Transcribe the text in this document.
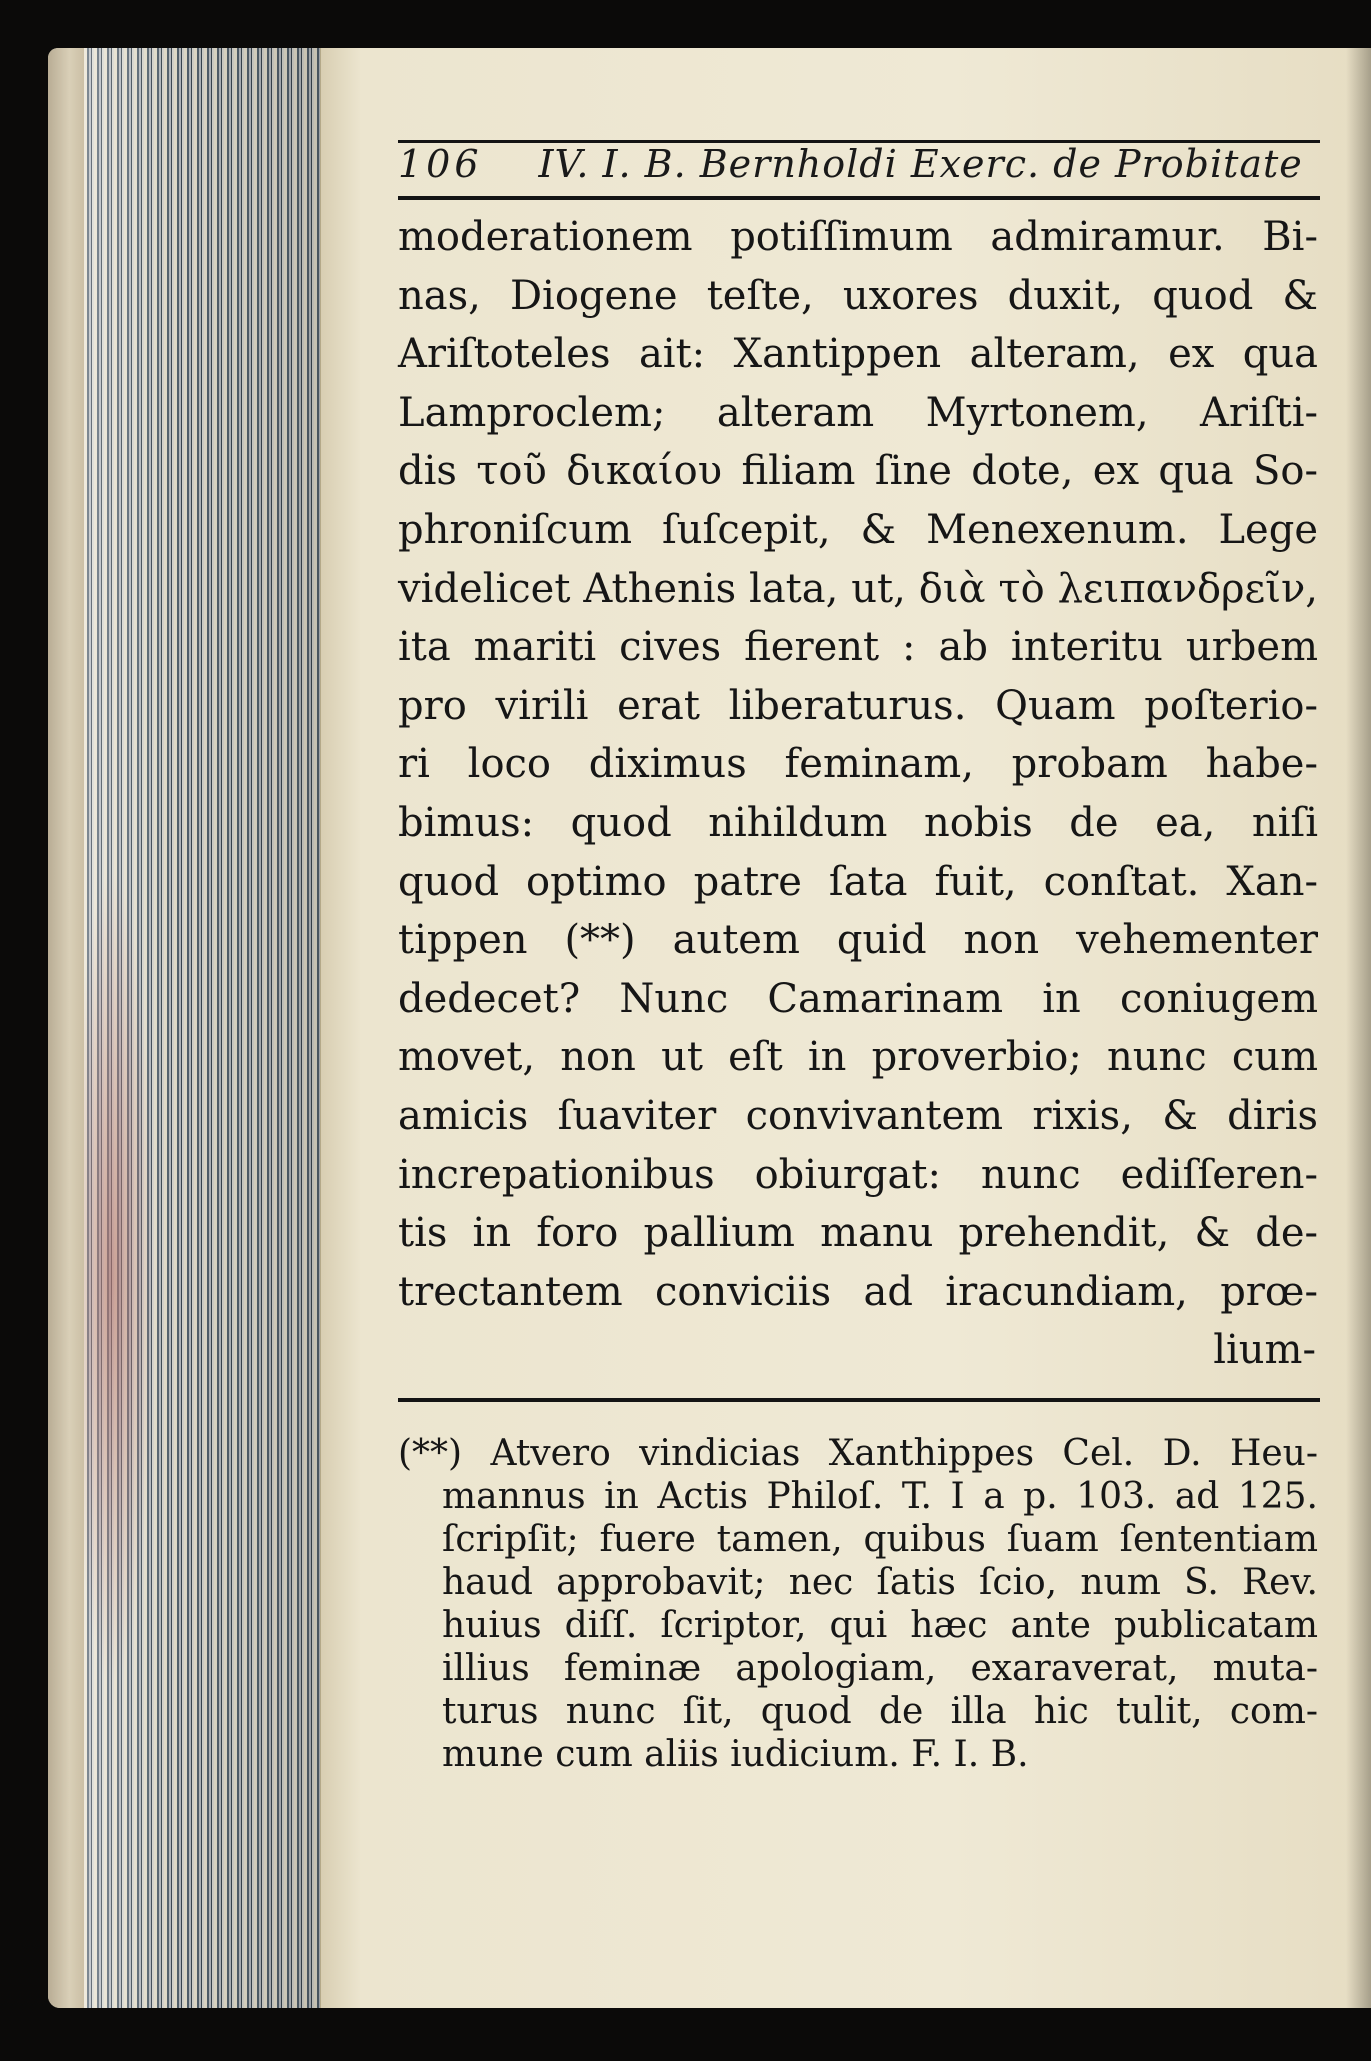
106 IV. I. B. Bernholdi Exerc. de Probitate
moderationem potiſſimum admiramur. Bi-
nas, Diogene teſte, uxores duxit, quod &
Ariſtoteles ait: Xantippen alteram, ex qua
Lamproclem; alteram Myrtonem, Ariſti-
dis τοῦ δικαίου filiam ſine dote, ex qua So-
phroniſcum ſuſcepit, & Menexenum. Lege
videlicet Athenis lata, ut, διὰ τὸ λειπανδρεῖν,
ita mariti cives fierent : ab interitu urbem
pro virili erat liberaturus. Quam poſterio-
ri loco diximus feminam, probam habe-
bimus: quod nihildum nobis de ea, niſi
quod optimo patre ſata fuit, conſtat. Xan-
tippen (**) autem quid non vehementer
dedecet? Nunc Camarinam in coniugem
movet, non ut eſt in proverbio; nunc cum
amicis ſuaviter convivantem rixis, & diris
increpationibus obiurgat: nunc ediſſeren-
tis in foro pallium manu prehendit, & de-
trectantem conviciis ad iracundiam, prœ-
lium-
(**) Atvero vindicias Xanthippes Cel. D. Heu-
mannus in Actis Philoſ. T. I a p. 103. ad 125.
ſcripſit; fuere tamen, quibus ſuam ſententiam
haud approbavit; nec ſatis ſcio, num S. Rev.
huius diſſ. ſcriptor, qui hæc ante publicatam
illius feminæ apologiam, exaraverat, muta-
turus nunc ſit, quod de illa hic tulit, com-
mune cum aliis iudicium. F. I. B.
